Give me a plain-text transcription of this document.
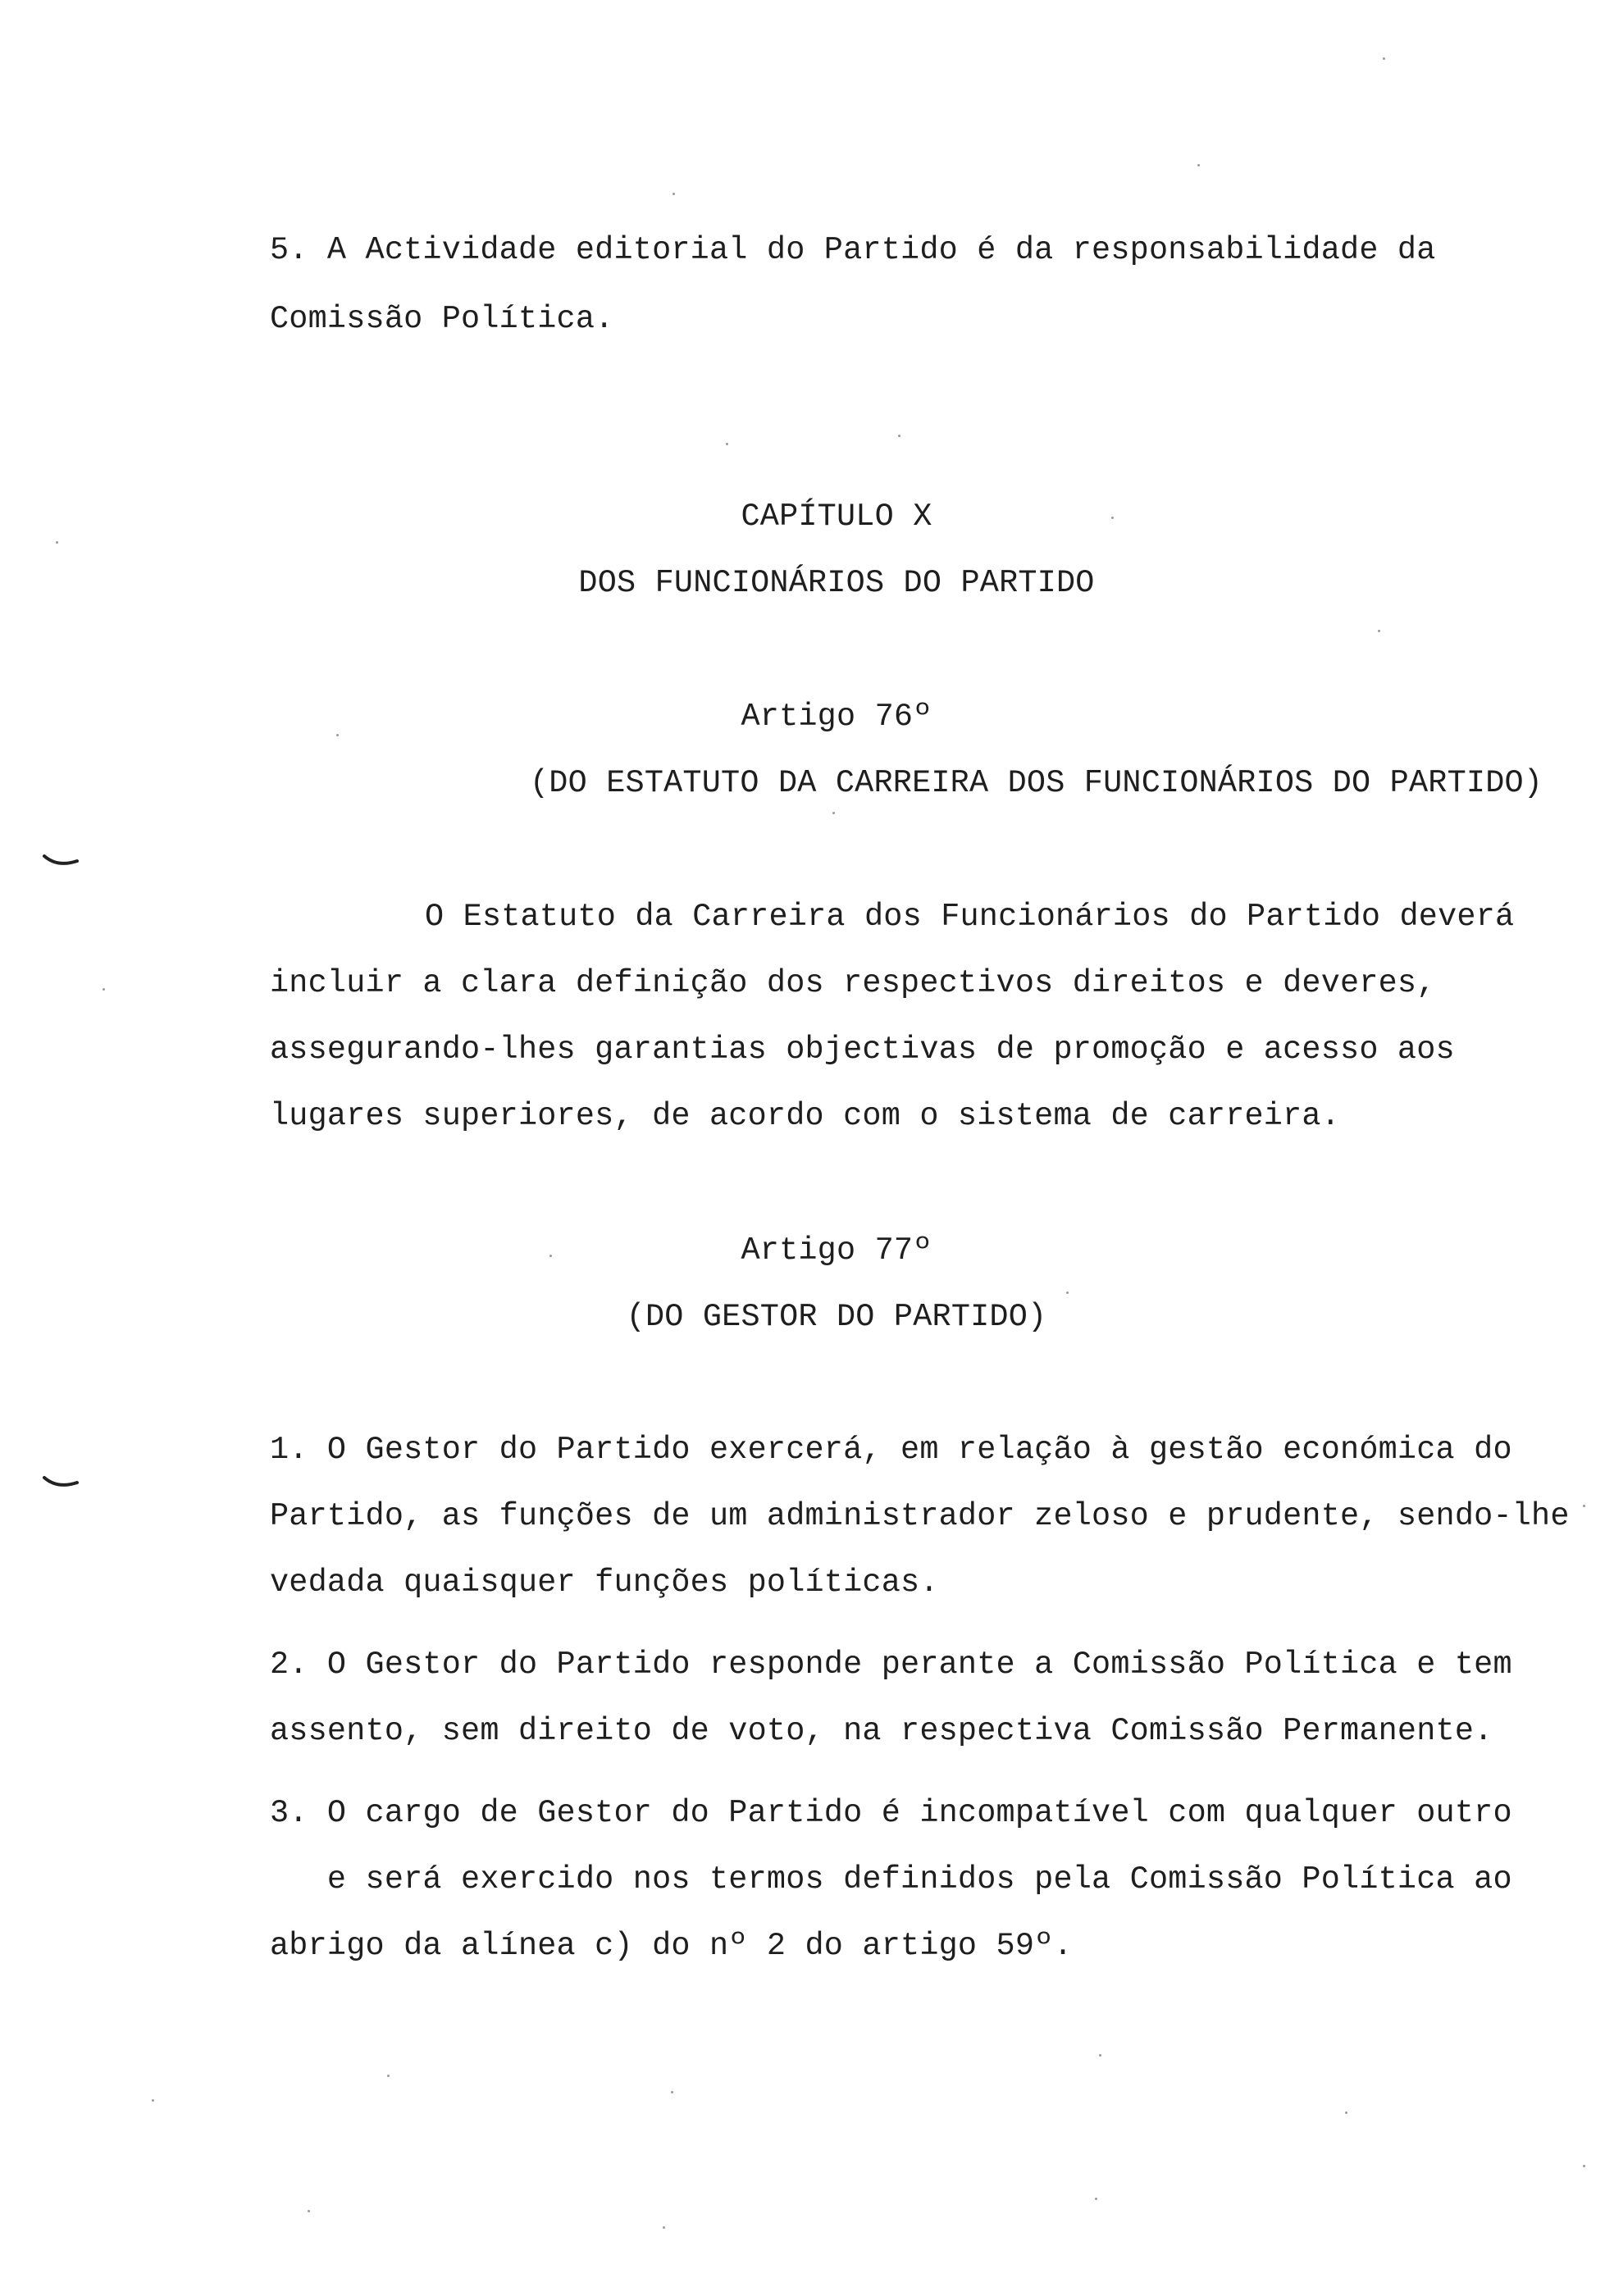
5. A Actividade editorial do Partido é da responsabilidade da
Comissão Política.
CAPÍTULO X
DOS FUNCIONÁRIOS DO PARTIDO
Artigo 76º
(DO ESTATUTO DA CARREIRA DOS FUNCIONÁRIOS DO PARTIDO)
O Estatuto da Carreira dos Funcionários do Partido deverá
incluir a clara definição dos respectivos direitos e deveres,
assegurando-lhes garantias objectivas de promoção e acesso aos
lugares superiores, de acordo com o sistema de carreira.
Artigo 77º
(DO GESTOR DO PARTIDO)
1. O Gestor do Partido exercerá, em relação à gestão económica do
Partido, as funções de um administrador zeloso e prudente, sendo-lhe
vedada quaisquer funções políticas.
2. O Gestor do Partido responde perante a Comissão Política e tem
assento, sem direito de voto, na respectiva Comissão Permanente.
3. O cargo de Gestor do Partido é incompatível com qualquer outro
e será exercido nos termos definidos pela Comissão Política ao
abrigo da alínea c) do nº 2 do artigo 59º.
